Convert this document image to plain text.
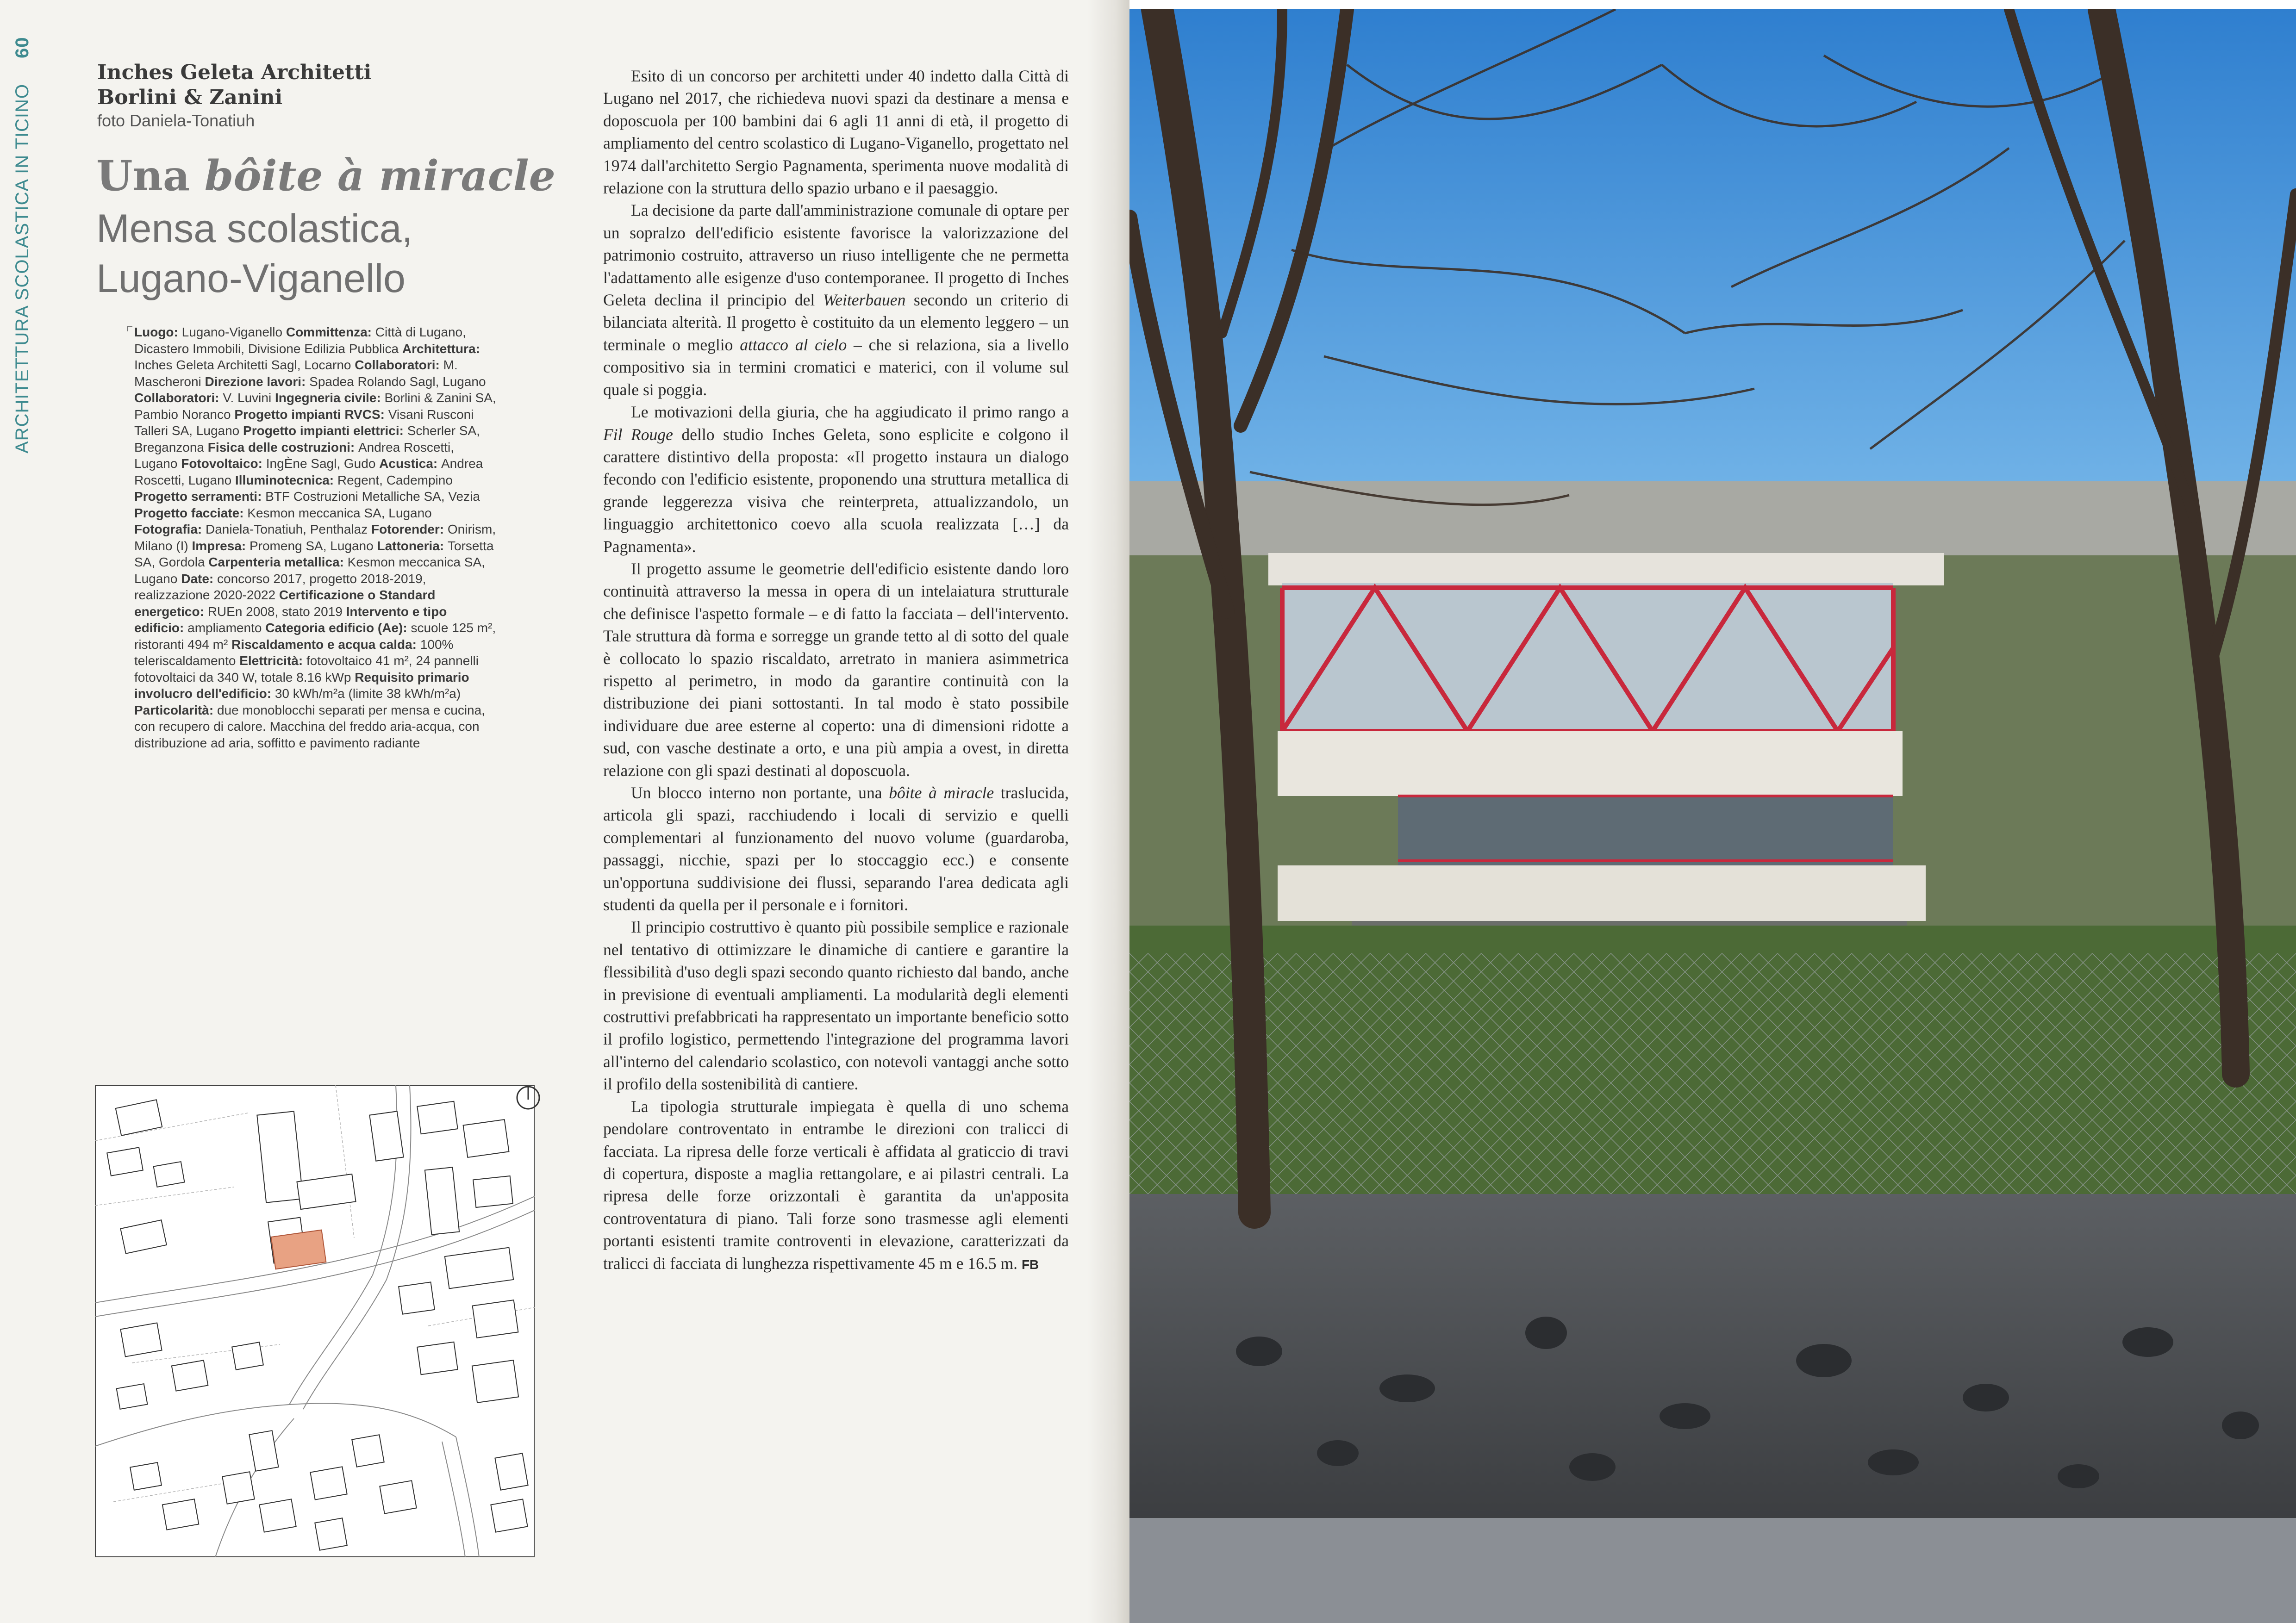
ARCHITETTURA SCOLASTICA IN TICINO
60
Inches Geleta Architetti
Borlini & Zanini
foto Daniela-Tonatiuh
Una bôite à miracle
Mensa scolastica,
Lugano-Viganello
Luogo: Lugano-Viganello Committenza: Città di Lugano, Dicastero Immobili, Divisione Edilizia Pubblica Architettura: Inches Geleta Architetti Sagl, Locarno Collaboratori: M. Mascheroni Direzione lavori: Spadea Rolando Sagl, Lugano Collaboratori: V. Luvini Ingegneria civile: Borlini & Zanini SA, Pambio Noranco Progetto impianti RVCS: Visani Rusconi Talleri SA, Lugano Progetto impianti elettrici: Scherler SA, Breganzona Fisica delle costruzioni: Andrea Roscetti, Lugano Fotovoltaico: IngÈne Sagl, Gudo Acustica: Andrea Roscetti, Lugano Illuminotecnica: Regent, Cadempino Progetto serramenti: BTF Costruzioni Metalliche SA, Vezia Progetto facciate: Kesmon meccanica SA, Lugano Fotografia: Daniela-Tonatiuh, Penthalaz Fotorender: Onirism, Milano (I) Impresa: Promeng SA, Lugano Lattoneria: Torsetta SA, Gordola Carpenteria metallica: Kesmon meccanica SA, Lugano Date: concorso 2017, progetto 2018-2019, realizzazione 2020-2022 Certificazione o Standard energetico: RUEn 2008, stato 2019 Intervento e tipo edificio: ampliamento Categoria edificio (Ae): scuole 125 m², ristoranti 494 m² Riscaldamento e acqua calda: 100% teleriscaldamento Elettricità: fotovoltaico 41 m², 24 pannelli fotovoltaici da 340 W, totale 8.16 kWp Requisito primario involucro dell'edificio: 30 kWh/m²a (limite 38 kWh/m²a) Particolarità: due monoblocchi separati per mensa e cucina, con recupero di calore. Macchina del freddo aria-acqua, con distribuzione ad aria, soffitto e pavimento radiante

Esito di un concorso per architetti under 40 indetto dalla Città di Lugano nel 2017, che richiedeva nuovi spazi da destinare a mensa e doposcuola per 100 bambini dai 6 agli 11 anni di età, il progetto di ampliamento del centro scolastico di Lugano-Viganello, progettato nel 1974 dall'architetto Sergio Pagnamenta, sperimenta nuove modalità di relazione con la struttura dello spazio urbano e il paesaggio.

La decisione da parte dall'amministrazione comunale di optare per un sopralzo dell'edificio esistente favorisce la valorizzazione del patrimonio costruito, attraverso un riuso intelligente che ne permetta l'adattamento alle esigenze d'uso contemporanee. Il progetto di Inches Geleta declina il principio del Weiterbauen secondo un criterio di bilanciata alterità. Il progetto è costituito da un elemento leggero – un terminale o meglio attacco al cielo – che si relaziona, sia a livello compositivo sia in termini cromatici e materici, con il volume sul quale si poggia.

Le motivazioni della giuria, che ha aggiudicato il primo rango a Fil Rouge dello studio Inches Geleta, sono esplicite e colgono il carattere distintivo della proposta: «Il progetto instaura un dialogo fecondo con l'edificio esistente, proponendo una struttura metallica di grande leggerezza visiva che reinterpreta, attualizzandolo, un linguaggio architettonico coevo alla scuola realizzata […] da Pagnamenta».

Il progetto assume le geometrie dell'edificio esistente dando loro continuità attraverso la messa in opera di un intelaiatura strutturale che definisce l'aspetto formale – e di fatto la facciata – dell'intervento. Tale struttura dà forma e sorregge un grande tetto al di sotto del quale è collocato lo spazio riscaldato, arretrato in maniera asimmetrica rispetto al perimetro, in modo da garantire continuità con la distribuzione dei piani sottostanti. In tal modo è stato possibile individuare due aree esterne al coperto: una di dimensioni ridotte a sud, con vasche destinate a orto, e una più ampia a ovest, in diretta relazione con gli spazi destinati al doposcuola.

Un blocco interno non portante, una bôite à miracle traslucida, articola gli spazi, racchiudendo i locali di servizio e quelli complementari al funzionamento del nuovo volume (guardaroba, passaggi, nicchie, spazi per lo stoccaggio ecc.) e consente un'opportuna suddivisione dei flussi, separando l'area dedicata agli studenti da quella per il personale e i fornitori.

Il principio costruttivo è quanto più possibile semplice e razionale nel tentativo di ottimizzare le dinamiche di cantiere e garantire la flessibilità d'uso degli spazi secondo quanto richiesto dal bando, anche in previsione di eventuali ampliamenti. La modularità degli elementi costruttivi prefabbricati ha rappresentato un importante beneficio sotto il profilo logistico, permettendo l'integrazione del programma lavori all'interno del calendario scolastico, con notevoli vantaggi anche sotto il profilo della sostenibilità di cantiere.

La tipologia strutturale impiegata è quella di uno schema pendolare controventato in entrambe le direzioni con tralicci di facciata. La ripresa delle forze verticali è affidata al graticcio di travi di copertura, disposte a maglia rettangolare, e ai pilastri centrali. La ripresa delle forze orizzontali è garantita da un'apposita controventatura di piano. Tali forze sono trasmesse agli elementi portanti esistenti tramite controventi in elevazione, caratterizzati da tralicci di facciata di lunghezza rispettivamente 45 m e 16.5 m. FB
